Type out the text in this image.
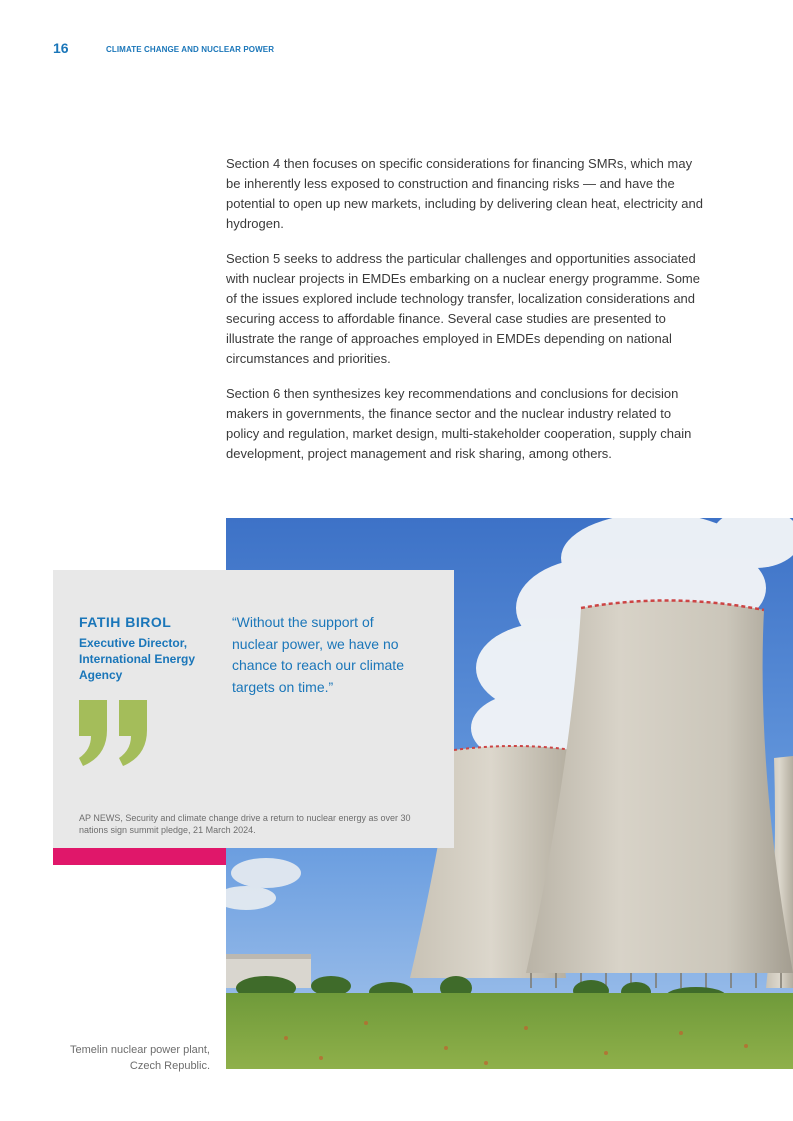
16	CLIMATE CHANGE AND NUCLEAR POWER

Section 4 then focuses on specific considerations for financing SMRs, which may be inherently less exposed to construction and financing risks — and have the potential to open up new markets, including by delivering clean heat, electricity and hydrogen.

Section 5 seeks to address the particular challenges and opportunities associated with nuclear projects in EMDEs embarking on a nuclear energy programme. Some of the issues explored include technology transfer, localization considerations and securing access to affordable finance. Several case studies are presented to illustrate the range of approaches employed in EMDEs depending on national circumstances and priorities.

Section 6 then synthesizes key recommendations and conclusions for decision makers in governments, the finance sector and the nuclear industry related to policy and regulation, market design, multi-stakeholder cooperation, supply chain development, project management and risk sharing, among others.

FATIH BIROL
Executive Director, International Energy Agency
“Without the support of nuclear power, we have no chance to reach our climate targets on time.”
AP NEWS, Security and climate change drive a return to nuclear energy as over 30 nations sign summit pledge, 21 March 2024.
Temelin nuclear power plant, Czech Republic.
